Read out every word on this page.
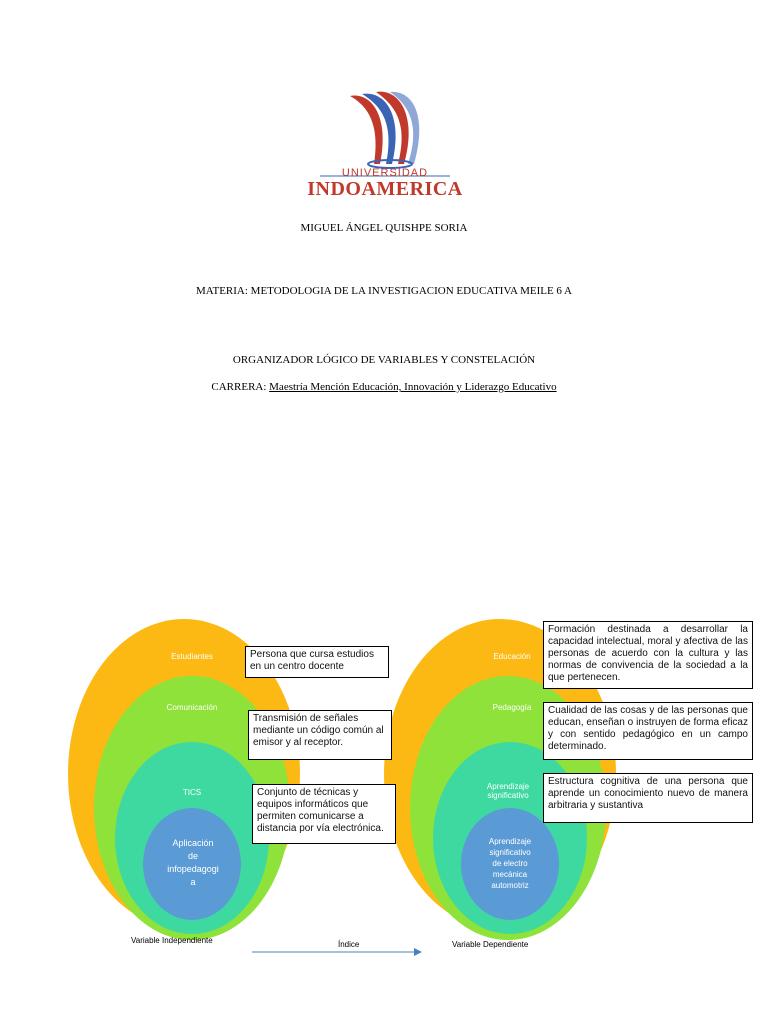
UNIVERSIDAD
INDOAMERICA
MIGUEL ÁNGEL QUISHPE SORIA
MATERIA: METODOLOGIA DE LA INVESTIGACION EDUCATIVA MEILE 6 A
ORGANIZADOR LÓGICO DE VARIABLES Y CONSTELACIÓN
CARRERA: Maestría Mención Educación, Innovación y Liderazgo Educativo
Estudiantes
Comunicación
TICS
Aplicación
de
infopedagogi
a
Persona que cursa estudios en un centro docente
Transmisión de señales mediante un código común al emisor y al receptor.
Conjunto de técnicas y equipos informáticos que permiten comunicarse a distancia por vía electrónica.
Educación
Pedagogía
Aprendizaje significativo
Aprendizaje
significativo
de electro
mecánica
automotriz
Formación destinada a desarrollar la capacidad intelectual, moral y afectiva de las personas de acuerdo con la cultura y las normas de convivencia de la sociedad a la que pertenecen.
Cualidad de las cosas y de las personas que educan, enseñan o instruyen de forma eficaz y con sentido pedagógico en un campo determinado.
Estructura cognitiva de una persona que aprende un conocimiento nuevo de manera arbitraria y sustantiva
Variable Independiente	Índice	Variable Dependiente
